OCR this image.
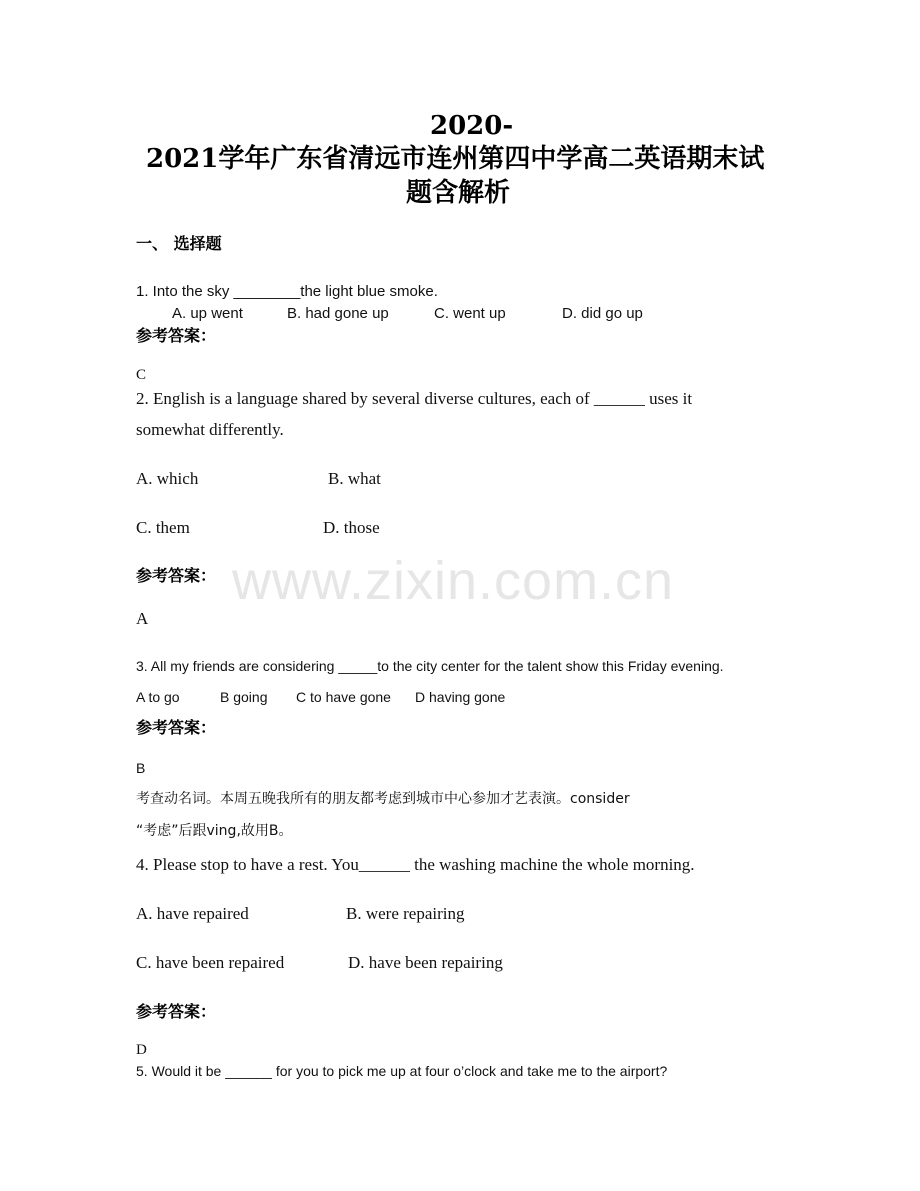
www.zixin.com.cn
2020-
2021学年广东省清远市连州第四中学高二英语期末试
题含解析
一、 选择题
1. Into the sky ________the light blue smoke.
A. up went	B. had gone up	C. went up	D. did go up
参考答案：
C
2. English is a language shared by several diverse cultures, each of ______ uses it
somewhat differently.
A. which	B. what
C. them	D. those
参考答案：
A
3. All my friends are considering _____to the city center for the talent show this Friday evening.
A to go	B going C to have gone D having gone
参考答案：
B
考查动名词。本周五晚我所有的朋友都考虑到城市中心参加才艺表演。consider
“考虑”后跟ving,故用B。
4. Please stop to have a rest. You______ the washing machine the whole morning.
A. have repaired	B. were repairing
C. have been repaired	D. have been repairing
参考答案：
D
5. Would it be ______ for you to pick me up at four o’clock and take me to the airport?
